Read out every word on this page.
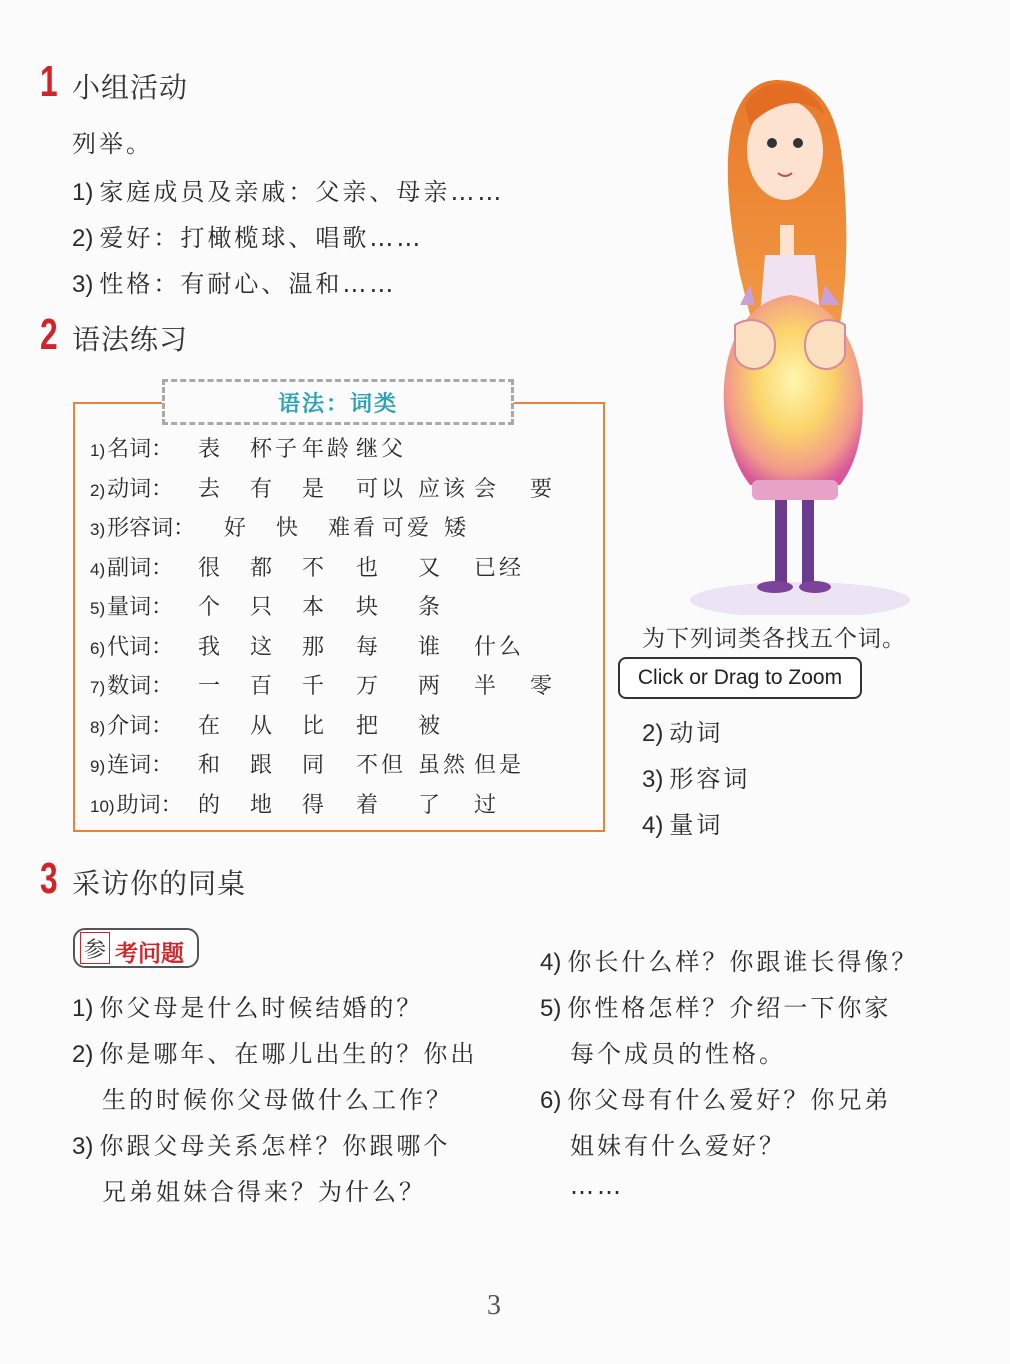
1 小组活动
列举。
1) 家庭成员及亲戚：父亲、母亲……
2) 爱好：打橄榄球、唱歌……
3) 性格：有耐心、温和……
2 语法练习
语法：词类
1)名词： 表 杯子 年龄 继父
2)动词： 去 有 是 可以 应该 会 要
3)形容词： 好 快 难看 可爱 矮
4)副词： 很 都 不 也 又 已经
5)量词： 个 只 本 块 条
6)代词： 我 这 那 每 谁 什么
7)数词： 一 百 千 万 两 半 零
8)介词： 在 从 比 把 被
9)连词： 和 跟 同 不但 虽然 但是
10)助词： 的 地 得 着 了 过
为下列词类各找五个词。
Click or Drag to Zoom
2) 动词
3) 形容词
4) 量词
3 采访你的同桌
参 考问题
1) 你父母是什么时候结婚的？
2) 你是哪年、在哪儿出生的？你出
生的时候你父母做什么工作？
3) 你跟父母关系怎样？你跟哪个
兄弟姐妹合得来？为什么？
4) 你长什么样？你跟谁长得像？
5) 你性格怎样？介绍一下你家
每个成员的性格。
6) 你父母有什么爱好？你兄弟
姐妹有什么爱好？
……
3
